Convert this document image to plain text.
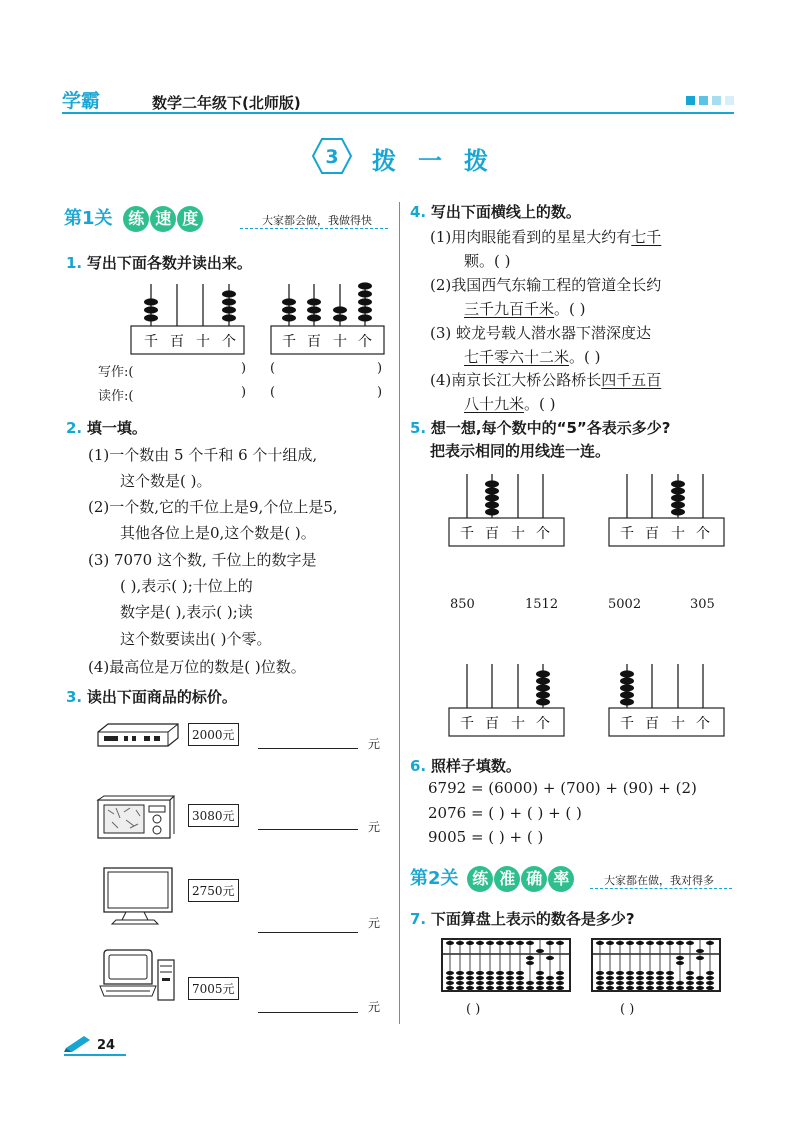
学霸	数学二年级下(北师版)
3 拨一拨
第1关 练 速 度	大家都会做，我做得快
1. 写出下面各数并读出来。
千 百 十 个	千 百 十 个
写作:(	) (	)
读作:(	) (	)
2. 填一填。
(1)一个数由 5 个千和 6 个十组成,
这个数是( )。
(2)一个数,它的千位上是9,个位上是5,
其他各位上是0,这个数是( )。
(3) 7070 这个数, 千位上的数字是
( ),表示( );十位上的
数字是( ),表示( );读
这个数要读出( )个零。
(4)最高位是万位的数是( )位数。
3. 读出下面商品的标价。
2000元
元
3080元
元
2750元
元
7005元
元
4. 写出下面横线上的数。
(1)用肉眼能看到的星星大约有七千
颗。( )
(2)我国西气东输工程的管道全长约
三千九百千米。( )
(3) 蛟龙号载人潜水器下潜深度达
七千零六十二米。( )
(4)南京长江大桥公路桥长四千五百
八十九米。( )
5. 想一想,每个数中的“5”各表示多少?
把表示相同的用线连一连。
千 百 十 个	千 百 十 个
850	1512	5002	305
千 百 十 个	千 百 十 个
6. 照样子填数。
6792 = (6000) + (700) + (90) + (2)
2076 = ( ) + ( ) + ( )
9005 = ( ) + ( )
第2关 练 准 确 率	大家都在做，我对得多
7. 下面算盘上表示的数各是多少?
( )	( )
24
